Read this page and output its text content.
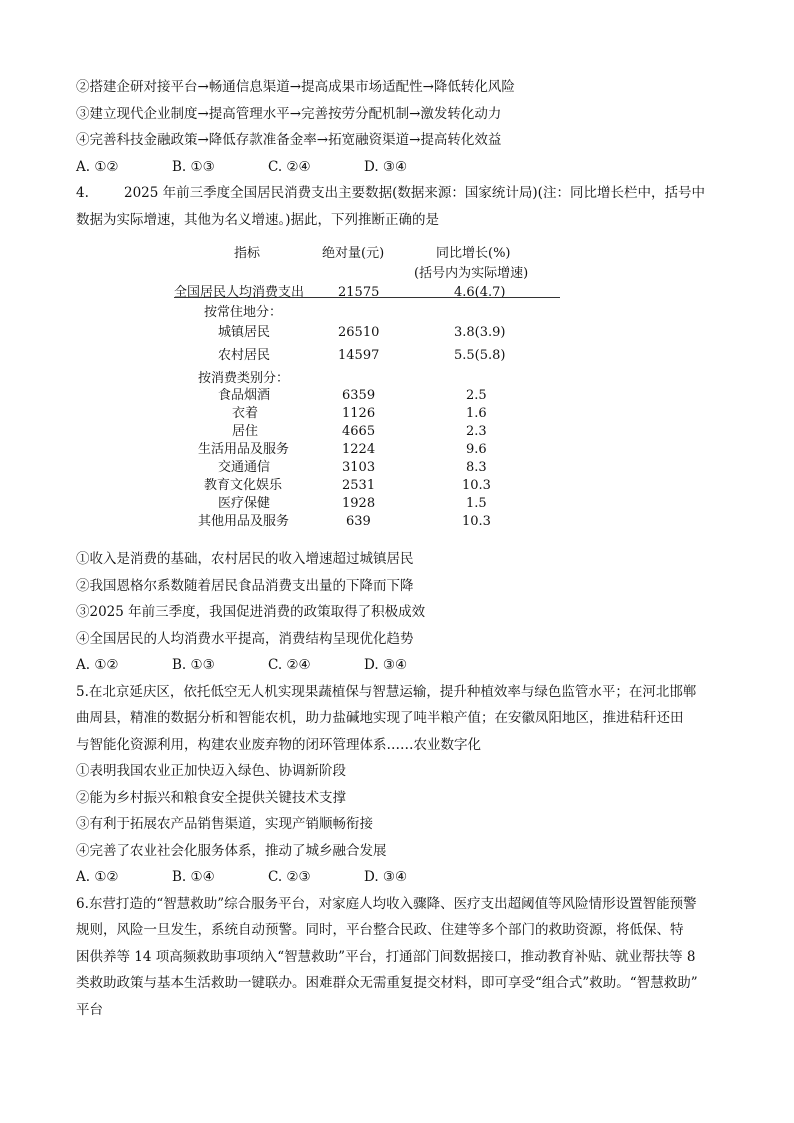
②搭建企研对接平台→畅通信息渠道→提高成果市场适配性→降低转化风险
③建立现代企业制度→提高管理水平→完善按劳分配机制→激发转化动力
④完善科技金融政策→降低存款准备金率→拓宽融资渠道→提高转化效益
A. ①②	B. ①③	C. ②④	D. ③④
4.	2025 年前三季度全国居民消费支出主要数据(数据来源：国家统计局)(注：同比增长栏中，括号中
数据为实际增速，其他为名义增速。)据此，下列推断正确的是
指标	绝对量(元)	同比增长(%)
(括号内为实际增速)
全国居民人均消费支出	21575	4.6(4.7)
按常住地分：
城镇居民	26510	3.8(3.9)
农村居民	14597	5.5(5.8)
按消费类别分：
食品烟酒	6359	2.5
衣着	1126	1.6
居住	4665	2.3
生活用品及服务	1224	9.6
交通通信	3103	8.3
教育文化娱乐	2531	10.3
医疗保健	1928	1.5
其他用品及服务	639	10.3
①收入是消费的基础，农村居民的收入增速超过城镇居民
②我国恩格尔系数随着居民食品消费支出量的下降而下降
③2025 年前三季度，我国促进消费的政策取得了积极成效
④全国居民的人均消费水平提高，消费结构呈现优化趋势
A. ①②	B. ①③	C. ②④	D. ③④
5.在北京延庆区，依托低空无人机实现果蔬植保与智慧运输，提升种植效率与绿色监管水平；在河北邯郸
曲周县，精准的数据分析和智能农机，助力盐碱地实现了吨半粮产值；在安徽凤阳地区，推进秸秆还田
与智能化资源利用，构建农业废弃物的闭环管理体系……农业数字化
①表明我国农业正加快迈入绿色、协调新阶段
②能为乡村振兴和粮食安全提供关键技术支撑
③有利于拓展农产品销售渠道，实现产销顺畅衔接
④完善了农业社会化服务体系，推动了城乡融合发展
A. ①②	B. ①④	C. ②③	D. ③④
6.东营打造的“智慧救助”综合服务平台，对家庭人均收入骤降、医疗支出超阈值等风险情形设置智能预警
规则，风险一旦发生，系统自动预警。同时，平台整合民政、住建等多个部门的救助资源，将低保、特
困供养等 14 项高频救助事项纳入“智慧救助”平台，打通部门间数据接口，推动教育补贴、就业帮扶等 8
类救助政策与基本生活救助一键联办。困难群众无需重复提交材料，即可享受“组合式”救助。“智慧救助”
平台
